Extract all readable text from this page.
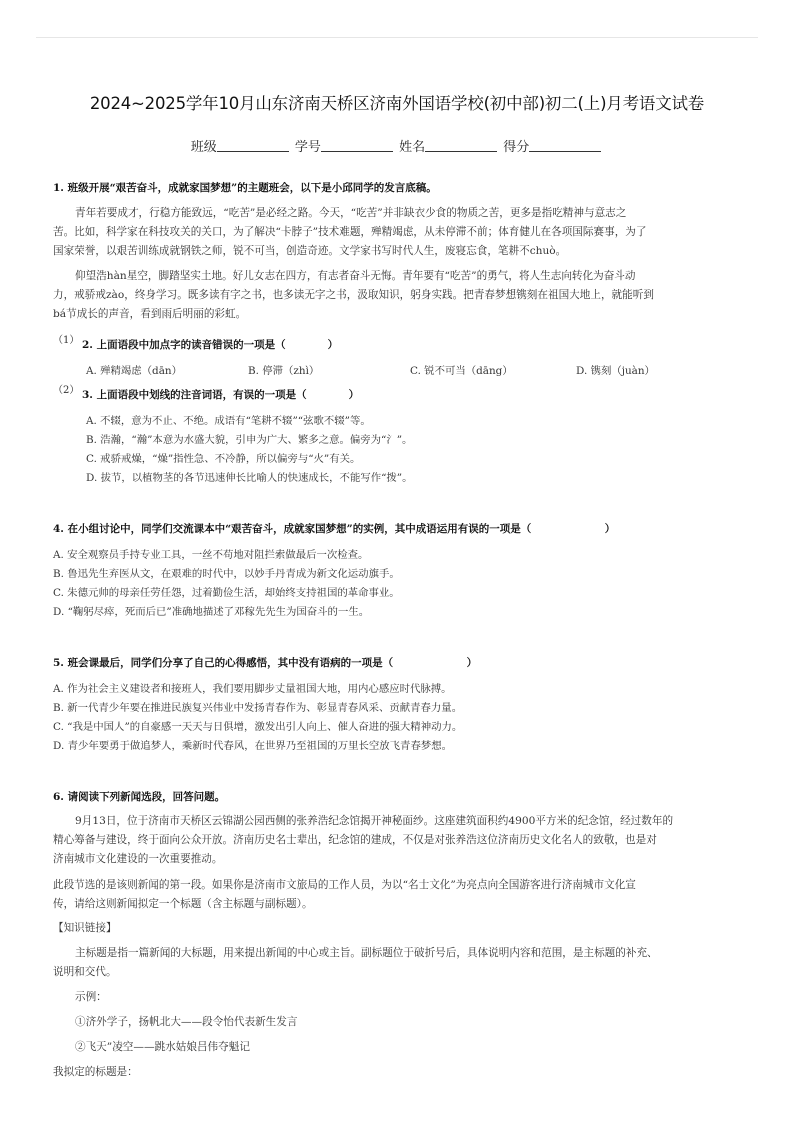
2024~2025学年10月山东济南天桥区济南外国语学校(初中部)初二(上)月考语文试卷
班级	学号	姓名	得分
1. 班级开展“艰苦奋斗，成就家国梦想”的主题班会，以下是小邱同学的发言底稿。
青年若要成才，行稳方能致远，“吃苦”是必经之路。今天，“吃苦”并非缺衣少食的物质之苦，更多是指吃精神与意志之
苦。比如，科学家在科技攻关的关口，为了解决“卡脖子”技术难题，殚精竭虑，从未停滞不前；体育健儿在各项国际赛事，为了
国家荣誉，以艰苦训练成就钢铁之师，锐不可当，创造奇迹。文学家书写时代人生，废寝忘食，笔耕不chuò。
仰望浩hàn星空，脚踏坚实土地。好儿女志在四方，有志者奋斗无悔。青年要有“吃苦”的勇气，将人生志向转化为奋斗动
力，戒骄戒zào，终身学习。既多读有字之书，也多读无字之书，汲取知识，躬身实践。把青春梦想镌刻在祖国大地上，就能听到
bá节成长的声音，看到雨后明丽的彩虹。
（1） 2. 上面语段中加点字的读音错误的一项是（　　　　）
A. 殚精竭虑（dān）	B. 停滞（zhì）	C. 锐不可当（dāng）	D. 镌刻（juàn）
（2） 3. 上面语段中划线的注音词语，有误的一项是（　　　　）
A. 不辍，意为不止、不绝。成语有“笔耕不辍”“弦歌不辍”等。
B. 浩瀚，“瀚”本意为水盛大貌，引申为广大、繁多之意。偏旁为“氵”。
C. 戒骄戒燥，“燥”指性急、不冷静，所以偏旁与“火”有关。
D. 拔节，以植物茎的各节迅速伸长比喻人的快速成长，不能写作“拨”。
4. 在小组讨论中，同学们交流课本中“艰苦奋斗，成就家国梦想”的实例，其中成语运用有误的一项是（　　　　　　　）
A. 安全观察员手持专业工具，一丝不苟地对阻拦索做最后一次检查。
B. 鲁迅先生弃医从文，在艰难的时代中，以妙手丹青成为新文化运动旗手。
C. 朱德元帅的母亲任劳任怨，过着勤俭生活，却始终支持祖国的革命事业。
D. “鞠躬尽瘁，死而后已”准确地描述了邓稼先先生为国奋斗的一生。
5. 班会课最后，同学们分享了自己的心得感悟，其中没有语病的一项是（　　　　　　　）
A. 作为社会主义建设者和接班人，我们要用脚步丈量祖国大地，用内心感应时代脉搏。
B. 新一代青少年要在推进民族复兴伟业中发扬青春作为、彰显青春风采、贡献青春力量。
C. “我是中国人”的自豪感一天天与日俱增，激发出引人向上、催人奋进的强大精神动力。
D. 青少年要勇于做追梦人，乘新时代春风，在世界乃至祖国的万里长空放飞青春梦想。
6. 请阅读下列新闻选段，回答问题。
9月13日，位于济南市天桥区云锦湖公园西侧的张养浩纪念馆揭开神秘面纱。这座建筑面积约4900平方米的纪念馆，经过数年的
精心筹备与建设，终于面向公众开放。济南历史名士辈出，纪念馆的建成，不仅是对张养浩这位济南历史文化名人的致敬，也是对
济南城市文化建设的一次重要推动。
此段节选的是该则新闻的第一段。如果你是济南市文旅局的工作人员，为以“名士文化”为亮点向全国游客进行济南城市文化宣
传，请给这则新闻拟定一个标题（含主标题与副标题）。
【知识链接】
主标题是指一篇新闻的大标题，用来提出新闻的中心或主旨。副标题位于破折号后，具体说明内容和范围，是主标题的补充、
说明和交代。
示例：
①济外学子，扬帆北大——段令怡代表新生发言
②飞天”凌空——跳水姑娘吕伟夺魁记
我拟定的标题是：
